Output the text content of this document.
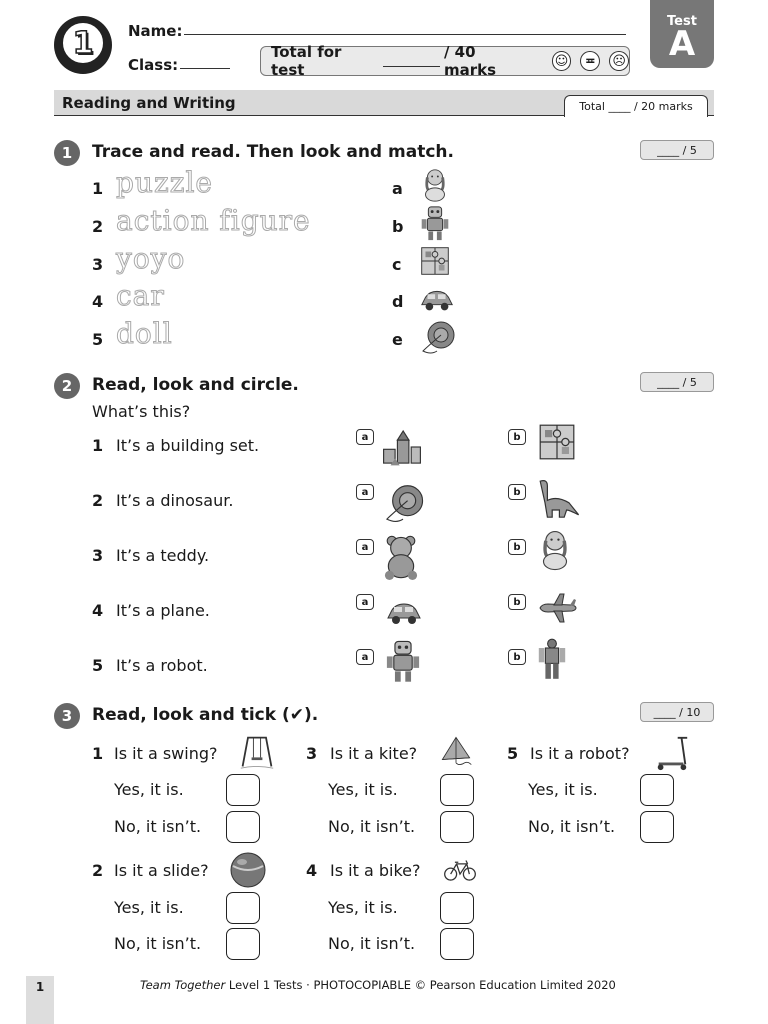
1	Name:
Class:
Total for test
/ 40 marks	☺	≖	☹
Test
A
Reading and Writing	Total ____ / 20 marks
1	Trace and read. Then look and match.	____ / 5
1 puzzle
2 action figure
3 yoyo
4 car
5 doll
a
b
c
d
e
2	Read, look and circle.	____ / 5
What’s this?
1 It’s a building set.	a	b
2 It’s a dinosaur.	a	b
3 It’s a teddy.	a	b
4 It’s a plane.	a	b
5 It’s a robot.	a	b
3	Read, look and tick (✔).	____ / 10
1 Is it a swing?
Yes, it is.
No, it isn’t.
2 Is it a slide?
Yes, it is.
No, it isn’t.
3 Is it a kite?
Yes, it is.
No, it isn’t.
4 Is it a bike?
Yes, it is.
No, it isn’t.
5 Is it a robot?
Yes, it is.
No, it isn’t.
1	Team Together Level 1 Tests · PHOTOCOPIABLE © Pearson Education Limited 2020
